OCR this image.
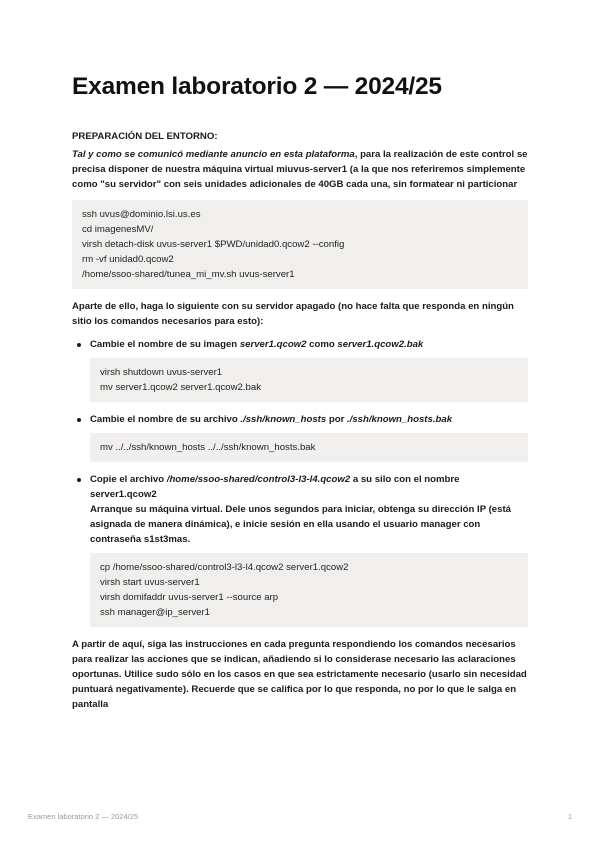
Examen laboratorio 2 — 2024/25

PREPARACIÓN DEL ENTORNO:

Tal y como se comunicó mediante anuncio en esta plataforma, para la realización de este control se precisa disponer de nuestra máquina virtual miuvus-server1 (a la que nos referiremos simplemente como "su servidor" con seis unidades adicionales de 40GB cada una, sin formatear ni particionar

ssh uvus@dominio.lsi.us.es
cd imagenesMV/
virsh detach-disk uvus-server1 $PWD/unidad0.qcow2 --config
rm -vf unidad0.qcow2
/home/ssoo-shared/tunea_mi_mv.sh uvus-server1

Aparte de ello, haga lo siguiente con su servidor apagado (no hace falta que responda en ningún sitio los comandos necesarios para esto):

Cambie el nombre de su imagen server1.qcow2 como server1.qcow2.bak

virsh shutdown uvus-server1
mv server1.qcow2 server1.qcow2.bak

Cambie el nombre de su archivo ./ssh/known_hosts por ./ssh/known_hosts.bak

mv ../../ssh/known_hosts ../../ssh/known_hosts.bak

Copie el archivo /home/ssoo-shared/control3-l3-l4.qcow2 a su silo con el nombre server1.qcow2

Arranque su máquina virtual. Dele unos segundos para iniciar, obtenga su dirección IP (está asignada de manera dinámica), e inicie sesión en ella usando el usuario manager con contraseña s1st3mas.

cp /home/ssoo-shared/control3-l3-l4.qcow2 server1.qcow2
virsh start uvus-server1
virsh domifaddr uvus-server1 --source arp
ssh manager@ip_server1

A partir de aquí, siga las instrucciones en cada pregunta respondiendo los comandos necesarios para realizar las acciones que se indican, añadiendo si lo considerase necesario las aclaraciones oportunas. Utilice sudo sólo en los casos en que sea estrictamente necesario (usarlo sin necesidad puntuará negativamente). Recuerde que se califica por lo que responda, no por lo que le salga en pantalla

Examen laboratorio 2 — 2024/25	1
